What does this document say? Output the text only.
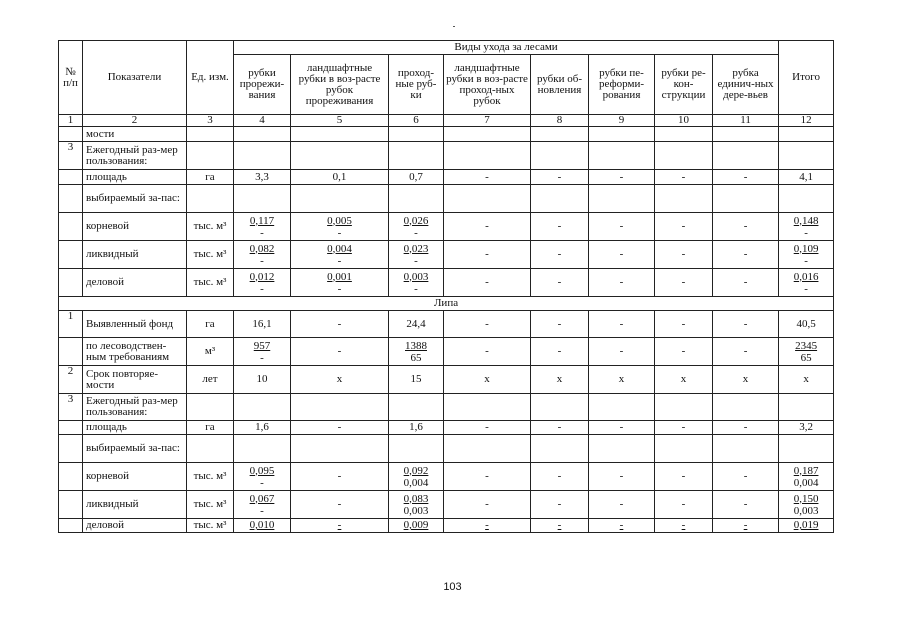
№ п/п	Показатели	Ед. изм.	Виды ухода за лесами								Итого
			рубки прорежи-вания	ландшафтные рубки в воз-расте рубок прореживания	проход-ные руб-ки	ландшафтные рубки в воз-расте проход-ных рубок	рубки об-новления	рубки пе-реформи-рования	рубки ре-кон-струкции	рубка единич-ных дере-вьев	
1	2	3	4	5	6	7	8	9	10	11	12
	мости										
3	Ежегодный раз-мер пользования:										
	площадь	га	3,3	0,1	0,7	-	-	-	-	-	4,1
	выбираемый за-пас:										
	корневой	тыс. м³	$\frac{0,117}{-}$	$\frac{0,005}{-}$	$\frac{0,026}{-}$	-	-	-	-	-	$\frac{0,148}{-}$

	ликвидный	тыс. м³	$\frac{0,082}{-}$	$\frac{0,004}{-}$	$\frac{0,023}{-}$	-	-	-	-	-	$\frac{0,109}{-}$

	деловой	тыс. м³	$\frac{0,012}{-}$	$\frac{0,001}{-}$	$\frac{0,003}{-}$	-	-	-	-	-	$\frac{0,016}{-}$

Липа											
1	Выявленный фонд	га	16,1	-	24,4	-	-	-	-	-	40,5
	по лесоводствен-ным требованиям	м³	$\frac{957}{-}$	-	$\frac{1388}{65}$	-	-	-	-	-	$\frac{2345}{65}$

2	Срок повторяе-мости	лет	10	х	15	х	х	х	х	х	х
3	Ежегодный раз-мер пользования:										
	площадь	га	1,6	-	1,6	-	-	-	-	-	3,2
	выбираемый за-пас:										
	корневой	тыс. м³	$\frac{0,095}{-}$	-	$\frac{0,092}{0,004}$	-	-	-	-	-	$\frac{0,187}{0,004}$

	ликвидный	тыс. м³	$\frac{0,067}{-}$	-	$\frac{0,083}{0,003}$	-	-	-	-	-	$\frac{0,150}{0,003}$

	деловой	тыс. м³	0,010	-	0,009	-	-	-	-	-	0,019
103
